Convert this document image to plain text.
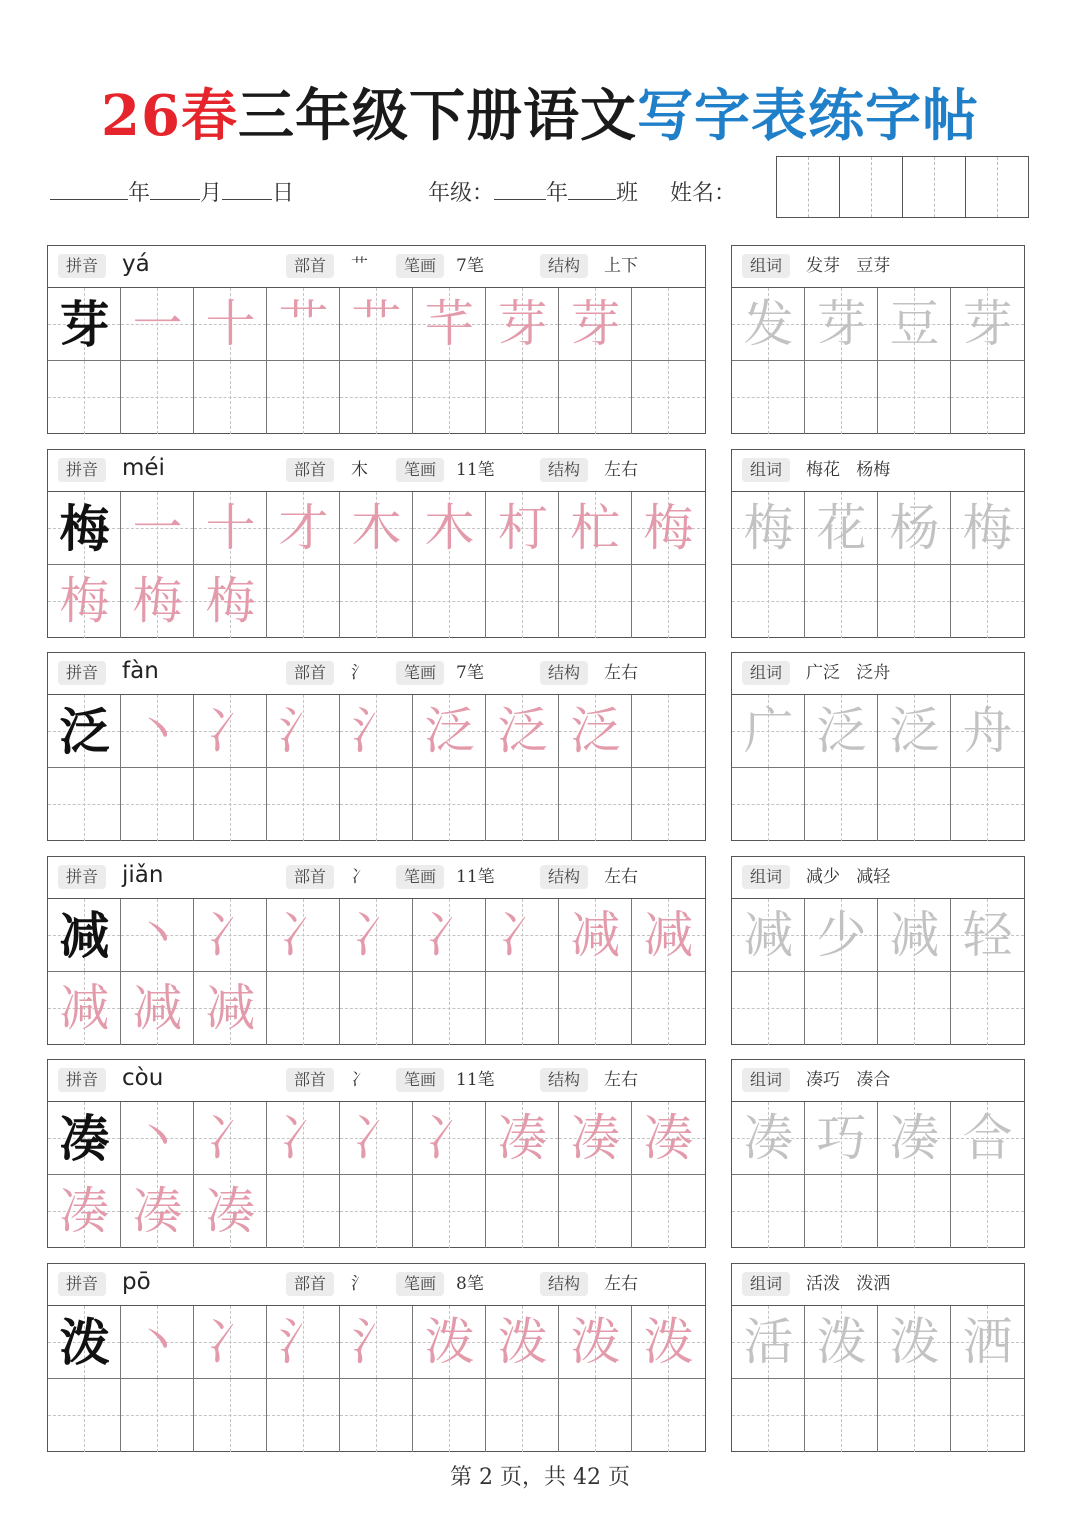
26春三年级下册语文写字表练字帖
年 月 日	年级： 年 班 姓名：
拼音	yá	部首	艹	笔画	7笔	结构	上下
芽 一 十 艹 艹 芊 芽 芽
组词	发芽   豆芽
发 芽 豆 芽
拼音	méi	部首	木	笔画	11笔	结构	左右
梅 一 十 才 木 木 朾 杧 梅
梅 梅 梅
组词	梅花   杨梅
梅 花 杨 梅
拼音	fàn	部首	氵	笔画	7笔	结构	左右
泛 丶 冫 氵 氵 泛 泛 泛
组词	广泛   泛舟
广 泛 泛 舟
拼音	jiǎn	部首	冫	笔画	11笔	结构	左右
减 丶 冫 冫 冫 冫 冫 减 减
减 减 减
组词	减少   减轻
减 少 减 轻
拼音	còu	部首	冫	笔画	11笔	结构	左右
凑 丶 冫 冫 冫 冫 凑 凑 凑
凑 凑 凑
组词	凑巧   凑合
凑 巧 凑 合
拼音	pō	部首	氵	笔画	8笔	结构	左右
泼 丶 冫 氵 氵 泼 泼 泼 泼
组词	活泼   泼洒
活 泼 泼 洒
第 2 页，共 42 页
